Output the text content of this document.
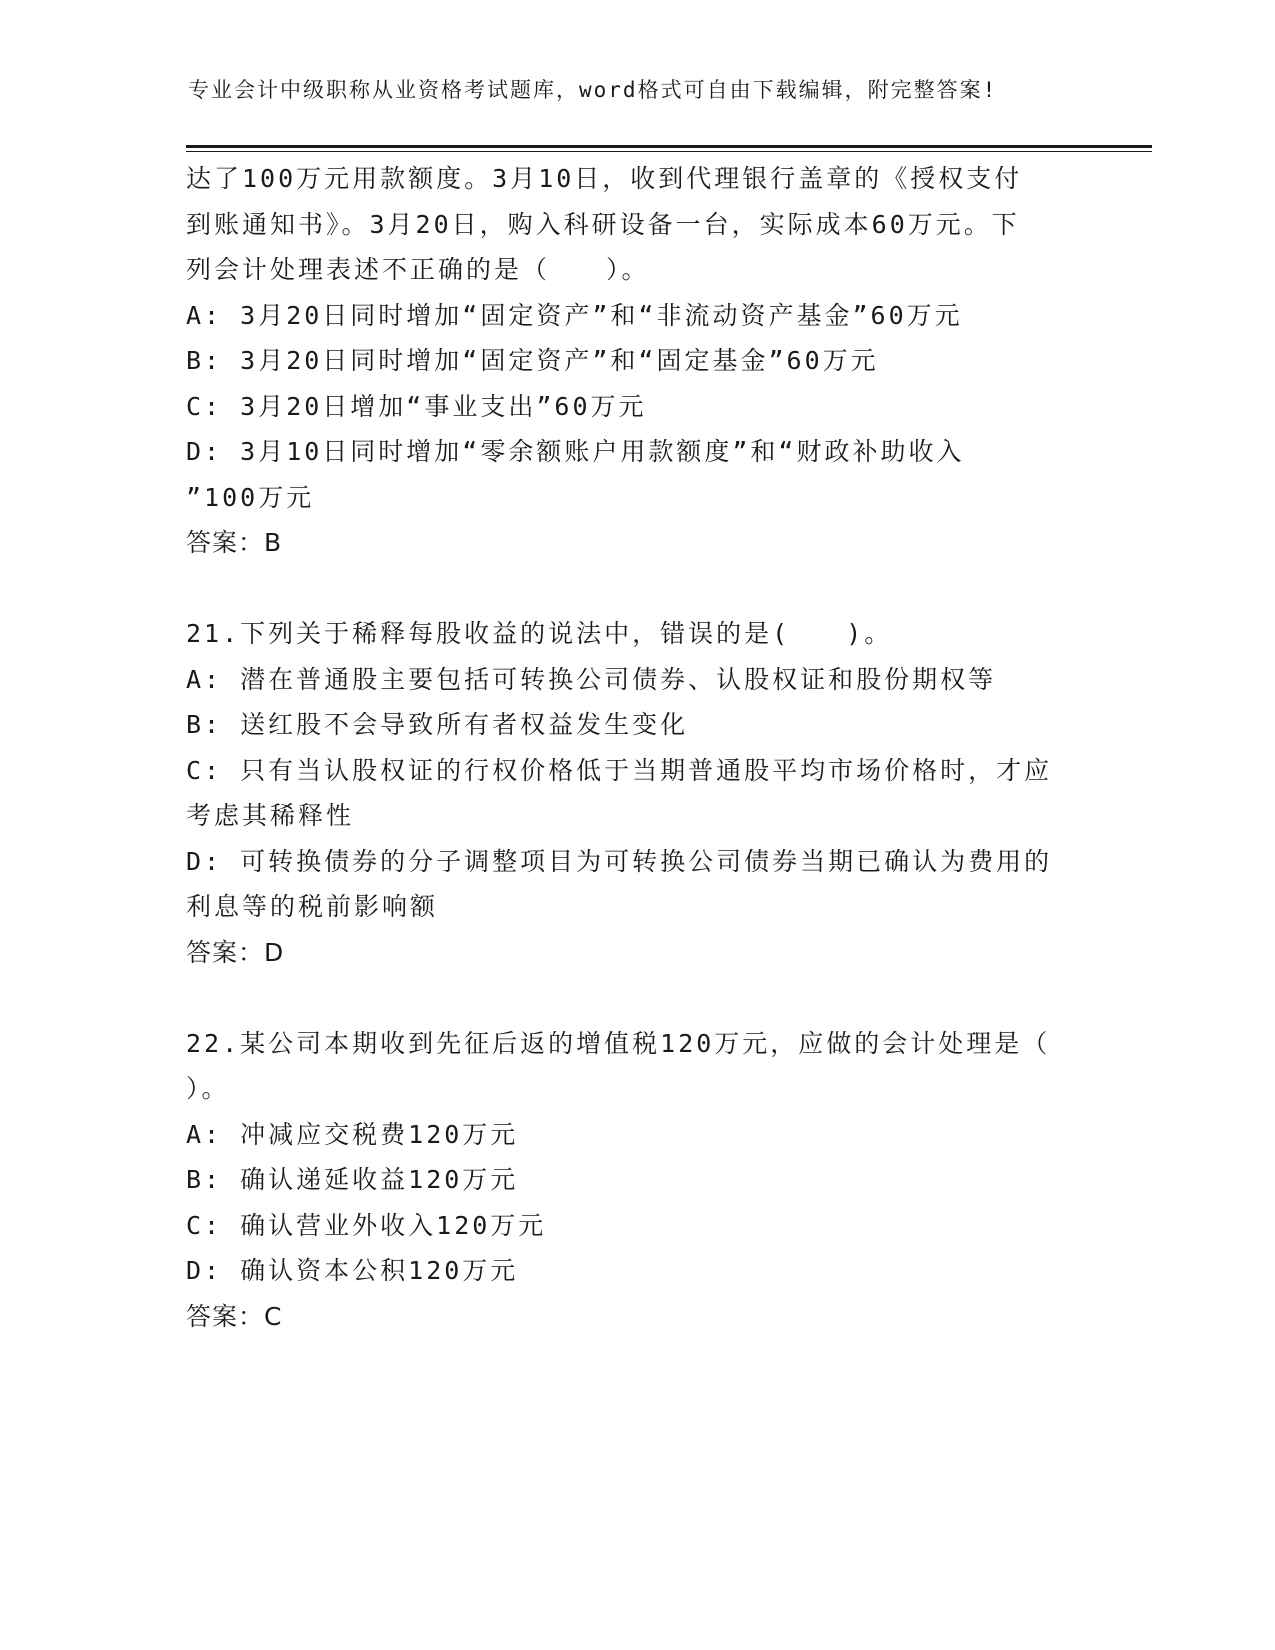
专业会计中级职称从业资格考试题库，word格式可自由下载编辑，附完整答案!
达了100万元用款额度。3月10日，收到代理银行盖章的《授权支付
到账通知书》。3月20日，购入科研设备一台，实际成本60万元。下
列会计处理表述不正确的是（　　）。
A: 3月20日同时增加“固定资产”和“非流动资产基金”60万元
B: 3月20日同时增加“固定资产”和“固定基金”60万元
C: 3月20日增加“事业支出”60万元
D: 3月10日同时增加“零余额账户用款额度”和“财政补助收入
”100万元
答案：B
21.下列关于稀释每股收益的说法中，错误的是(　　)。
A: 潜在普通股主要包括可转换公司债券、认股权证和股份期权等
B: 送红股不会导致所有者权益发生变化
C: 只有当认股权证的行权价格低于当期普通股平均市场价格时，才应
考虑其稀释性
D: 可转换债券的分子调整项目为可转换公司债券当期已确认为费用的
利息等的税前影响额
答案：D
22.某公司本期收到先征后返的增值税120万元，应做的会计处理是（
）。
A: 冲减应交税费120万元
B: 确认递延收益120万元
C: 确认营业外收入120万元
D: 确认资本公积120万元
答案：C
